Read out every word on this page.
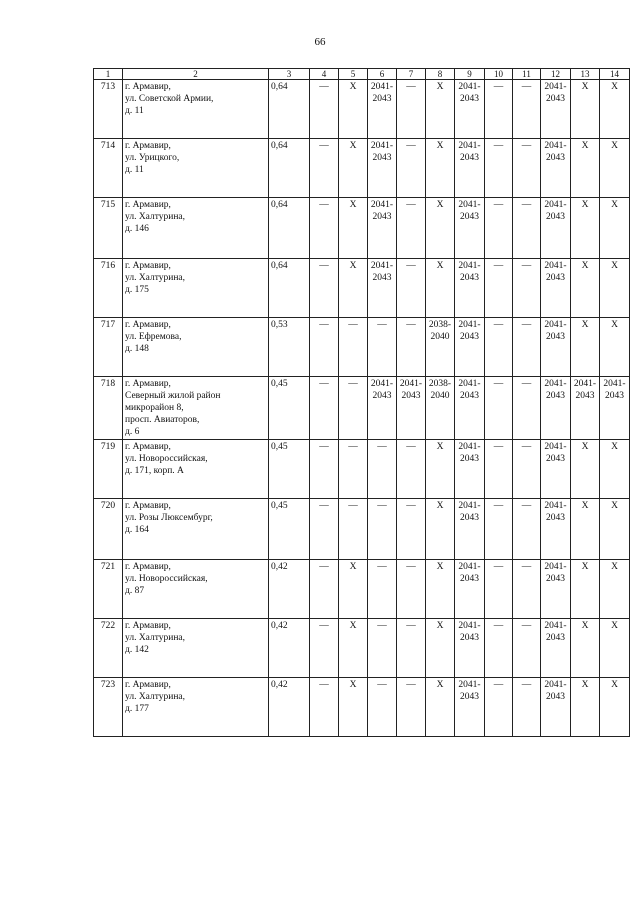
66
1	2	3	4	5	6	7	8	9	10	11	12	13	14
713	г. Армавир,
ул. Советской Армии,
д. 11	0,64	—	X	2041-
2043	—	X	2041-
2043	—	—	2041-
2043	X	X
714	г. Армавир,
ул. Урицкого,
д. 11	0,64	—	X	2041-
2043	—	X	2041-
2043	—	—	2041-
2043	X	X
715	г. Армавир,
ул. Халтурина,
д. 146	0,64	—	X	2041-
2043	—	X	2041-
2043	—	—	2041-
2043	X	X
716	г. Армавир,
ул. Халтурина,
д. 175	0,64	—	X	2041-
2043	—	X	2041-
2043	—	—	2041-
2043	X	X
717	г. Армавир,
ул. Ефремова,
д. 148	0,53	—	—	—	—	2038-
2040	2041-
2043	—	—	2041-
2043	X	X
718	г. Армавир,
Северный жилой район
микрорайон 8,
просп. Авиаторов,
д. 6	0,45	—	—	2041-
2043	2041-
2043	2038-
2040	2041-
2043	—	—	2041-
2043	2041-
2043	2041-
2043
719	г. Армавир,
ул. Новороссийская,
д. 171, корп. А	0,45	—	—	—	—	X	2041-
2043	—	—	2041-
2043	X	X
720	г. Армавир,
ул. Розы Люксембург,
д. 164	0,45	—	—	—	—	X	2041-
2043	—	—	2041-
2043	X	X
721	г. Армавир,
ул. Новороссийская,
д. 87	0,42	—	X	—	—	X	2041-
2043	—	—	2041-
2043	X	X
722	г. Армавир,
ул. Халтурина,
д. 142	0,42	—	X	—	—	X	2041-
2043	—	—	2041-
2043	X	X
723	г. Армавир,
ул. Халтурина,
д. 177	0,42	—	X	—	—	X	2041-
2043	—	—	2041-
2043	X	X
